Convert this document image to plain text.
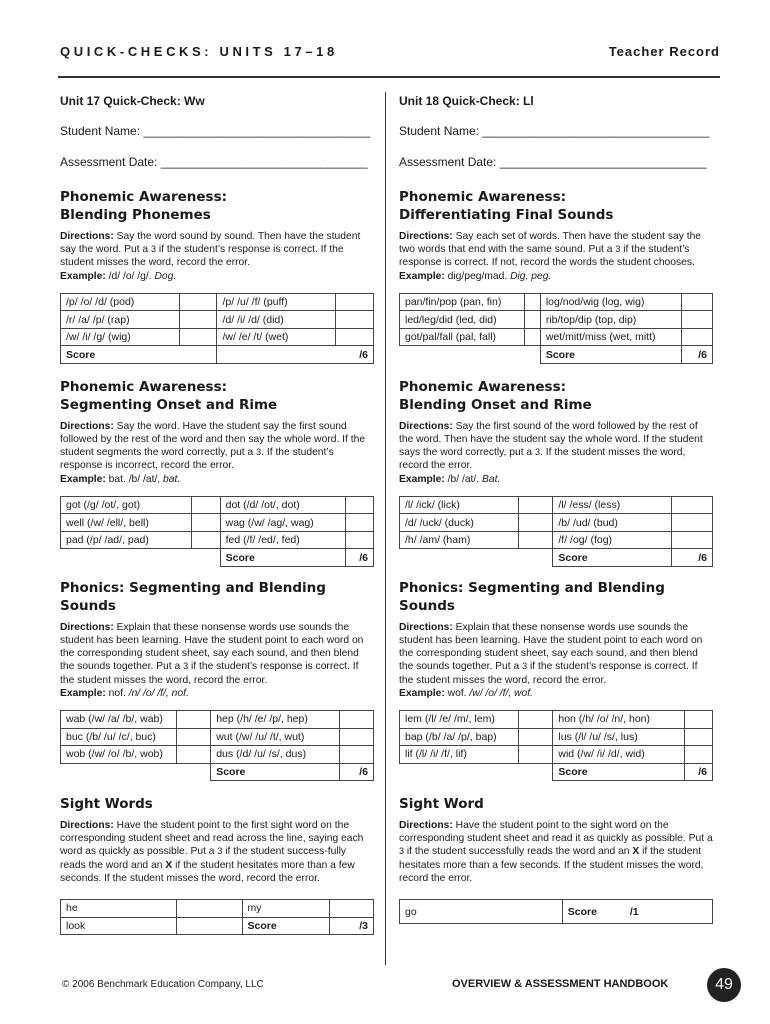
QUICK-CHECKS: UNITS 17–18	Teacher Record
Unit 17 Quick-Check: Ww
Student Name: __________________________________
Assessment Date: _______________________________
Phonemic Awareness:
Blending Phonemes
Directions: Say the word sound by sound. Then have the student say the word. Put a 3 if the student’s response is correct. If the student misses the word, record the error.
Example: /d/ /o/ /g/. Dog.
/p/ /o/ /d/ (pod)		/p/ /u/ /f/ (puff)	
/r/ /a/ /p/ (rap)		/d/ /i/ /d/ (did)	
/w/ /i/ /g/ (wig)		/w/ /e/ /t/ (wet)	
Score		/6	
Phonemic Awareness:
Segmenting Onset and Rime
Directions: Say the word. Have the student say the first sound followed by the rest of the word and then say the whole word. If the student segments the word correctly, put a 3. If the student’s response is incorrect, record the error.
Example: bat. /b/ /at/, bat.
got (/g/ /ot/, got)		dot (/d/ /ot/, dot)	
well (/w/ /ell/, bell)		wag (/w/ /ag/, wag)	
pad (/p/ /ad/, pad)		fed (/f/ /ed/, fed)	
		Score	/6
Phonics: Segmenting and Blending Sounds
Directions: Explain that these nonsense words use sounds the student has been learning. Have the student point to each word on the corresponding student sheet, say each sound, and then blend the sounds together. Put a 3 if the student’s response is correct. If the student misses the word, record the error.
Example: nof. /n/ /o/ /f/, nof.
wab (/w/ /a/ /b/, wab)		hep (/h/ /e/ /p/, hep)	
buc (/b/ /u/ /c/, buc)		wut (/w/ /u/ /t/, wut)	
wob (/w/ /o/ /b/, wob)		dus (/d/ /u/ /s/, dus)	
		Score	/6
Sight Words
Directions: Have the student point to the first sight word on the corresponding student sheet and read across the line, saying each word as quickly as possible. Put a 3 if the student success-fully reads the word and an X if the student hesitates more than a few seconds. If the student misses the word, record the error.
he		my	
look		Score	/3
Unit 18 Quick-Check: Ll
Student Name: __________________________________
Assessment Date: _______________________________
Phonemic Awareness:
Differentiating Final Sounds
Directions: Say each set of words. Then have the student say the two words that end with the same sound. Put a 3 if the student’s response is correct. If not, record the words the student chooses. Example: dig/peg/mad. Dig, peg.
pan/fin/pop (pan, fin)		log/nod/wig (log, wig)	
led/leg/did (led, did)		rib/top/dip (top, dip)	
got/pal/fall (pal, fall)		wet/mitt/miss (wet, mitt)	
		Score	/6
Phonemic Awareness:
Blending Onset and Rime
Directions: Say the first sound of the word followed by the rest of the word. Then have the student say the whole word. If the student says the word correctly, put a 3. If the student misses the word, record the error.
Example: /b/ /at/. Bat.
/l/ /ick/ (lick)		/l/ /ess/ (less)	
/d/ /uck/ (duck)		/b/ /ud/ (bud)	
/h/ /am/ (ham)		/f/ /og/ (fog)	
		Score	/6
Phonics: Segmenting and Blending Sounds
Directions: Explain that these nonsense words use sounds the student has been learning. Have the student point to each word on the corresponding student sheet, say each sound, and then blend the sounds together. Put a 3 if the student’s response is correct. If the student misses the word, record the error.
Example: wof. /w/ /o/ /f/, wof.
lem (/l/ /e/ /m/, lem)		hon (/h/ /o/ /n/, hon)	
bap (/b/ /a/ /p/, bap)		lus (/l/ /u/ /s/, lus)	
lif (/l/ /i/ /f/, lif)		wid (/w/ /i/ /d/, wid)	
		Score	/6
Sight Word
Directions: Have the student point to the sight word on the corresponding student sheet and read it as quickly as possible. Put a 3 if the student successfully reads the word and an X if the student hesitates more than a few seconds. If the student misses the word, record the error.
go	Score	/1
© 2006 Benchmark Education Company, LLC	OVERVIEW & ASSESSMENT HANDBOOK	49
